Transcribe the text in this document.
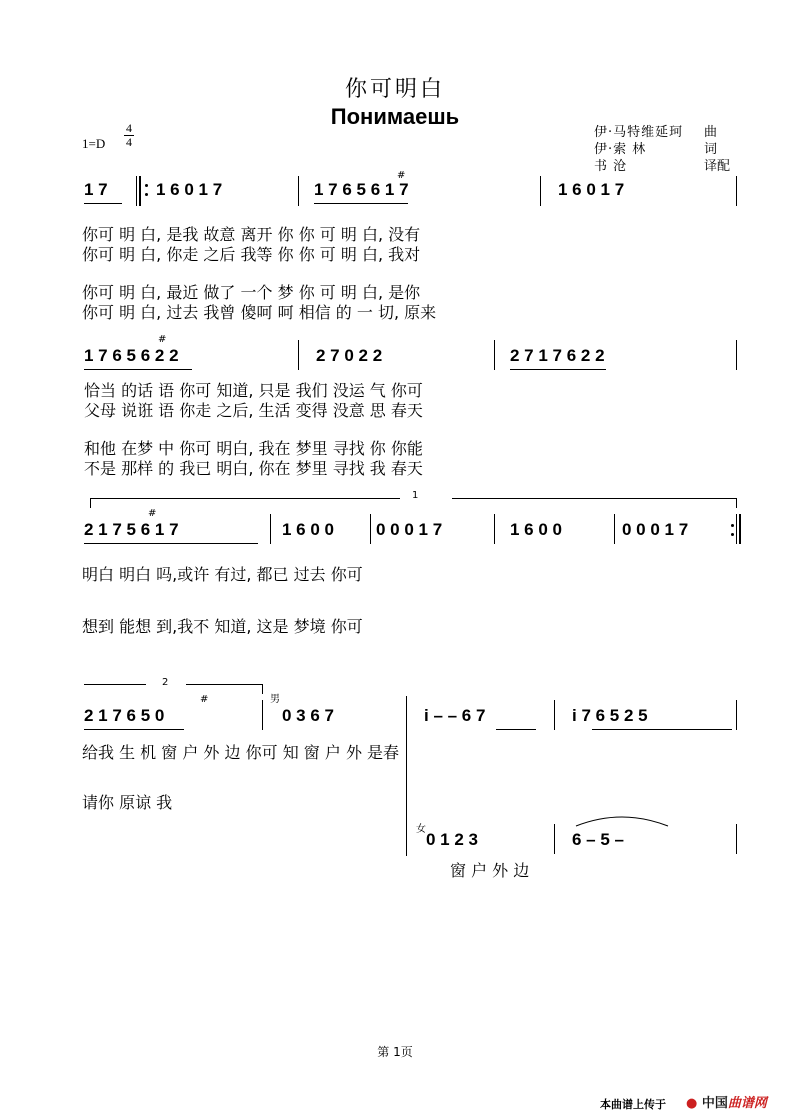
你可明白
Понимаешь
1=D
4
4
伊·马特维延珂	曲
伊·索 林	词
书 沧	译配
1 7	1 6 0 1 7	1 7 6 5 6 1 7
#
1 6 0 1 7
你可 明 白, 是我 故意 离开 你 你 可 明 白, 没有
你可 明 白, 你走 之后 我等 你 你 可 明 白, 我对
你可 明 白, 最近 做了 一个 梦 你 可 明 白, 是你
你可 明 白, 过去 我曾 傻呵 呵 相信 的 一 切, 原来
1 7 6 5 6 2 2
#
2 7 0 2 2	2 7 1 7 6 2 2
恰当 的话 语 你可 知道, 只是 我们 没运 气 你可
父母 说诳 语 你走 之后, 生活 变得 没意 思 春天
和他 在梦 中 你可 明白, 我在 梦里 寻找 你 你能
不是 那样 的 我已 明白, 你在 梦里 寻找 我 春天
1
2 1 7 5 6 1 7
#
1 6 0 0 0 0 0 1 7	1 6 0 0	0 0 0 1 7
明白 明白 吗,或许 有过, 都已 过去 你可
想到 能想 到,我不 知道, 这是 梦境 你可
2
男
2 1 7 6 5 0
#
0 3 6 7	i – – 6 7	i 7 6 5 2 5
给我 生 机 窗 户 外 边 你可 知 窗 户 外 是春
请你 原谅 我
女
0 1 2 3	6 – 5 –
窗 户 外 边
第 1页
本曲谱上传于 ● 中国曲谱网
